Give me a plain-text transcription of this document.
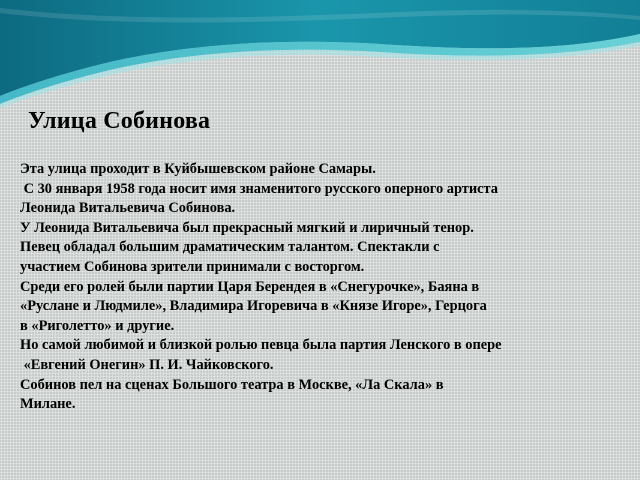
Улица Собинова
Эта улица проходит в Куйбышевском районе Самары.
С 30 января 1958 года носит имя знаменитого русского оперного артиста
Леонида Витальевича Собинова.
У Леонида Витальевича был прекрасный мягкий и лиричный тенор.
Певец обладал большим драматическим талантом. Спектакли с
участием Собинова зрители принимали с восторгом.
Среди его ролей были партии Царя Берендея в «Снегурочке», Баяна в
«Руслане и Людмиле», Владимира Игоревича в «Князе Игоре», Герцога
в «Риголетто» и другие.
Но самой любимой и близкой ролью певца была партия Ленского в опере
«Евгений Онегин» П. И. Чайковского.
Собинов пел на сценах Большого театра в Москве, «Ла Скала» в
Милане.
